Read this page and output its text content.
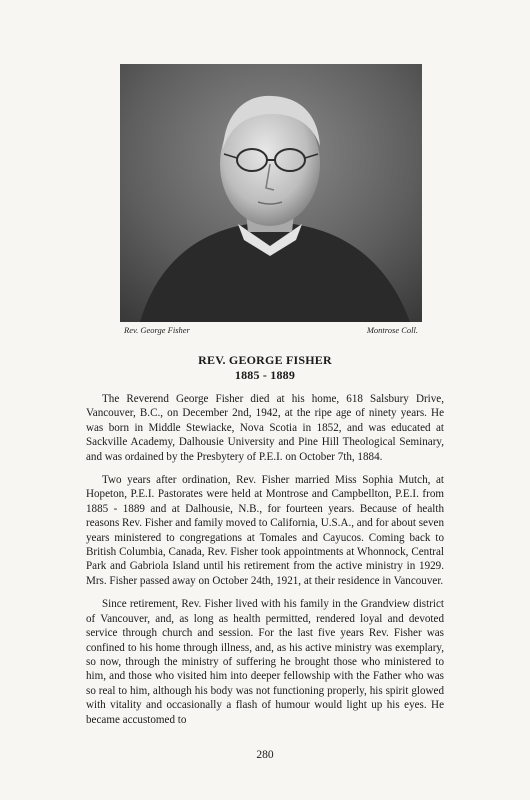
Rev. George Fisher	Montrose Coll.
REV. GEORGE FISHER
1885 - 1889

The Reverend George Fisher died at his home, 618 Salsbury Drive, Vancouver, B.C., on December 2nd, 1942, at the ripe age of ninety years. He was born in Middle Stewiacke, Nova Scotia in 1852, and was educated at Sackville Academy, Dalhousie University and Pine Hill Theological Seminary, and was ordained by the Presbytery of P.E.I. on October 7th, 1884.

Two years after ordination, Rev. Fisher married Miss Sophia Mutch, at Hopeton, P.E.I. Pastorates were held at Montrose and Campbellton, P.E.I. from 1885 - 1889 and at Dalhousie, N.B., for fourteen years. Because of health reasons Rev. Fisher and family moved to California, U.S.A., and for about seven years ministered to congregations at Tomales and Cayucos. Coming back to British Columbia, Canada, Rev. Fisher took appointments at Whonnock, Central Park and Gabriola Island until his retirement from the active ministry in 1929. Mrs. Fisher passed away on October 24th, 1921, at their residence in Vancouver.

Since retirement, Rev. Fisher lived with his family in the Grandview district of Vancouver, and, as long as health permitted, rendered loyal and devoted service through church and session. For the last five years Rev. Fisher was confined to his home through illness, and, as his active ministry was exemplary, so now, through the ministry of suffering he brought those who ministered to him, and those who visited him into deeper fellowship with the Father who was so real to him, although his body was not functioning properly, his spirit glowed with vitality and occasionally a flash of humour would light up his eyes. He became accustomed to

280
